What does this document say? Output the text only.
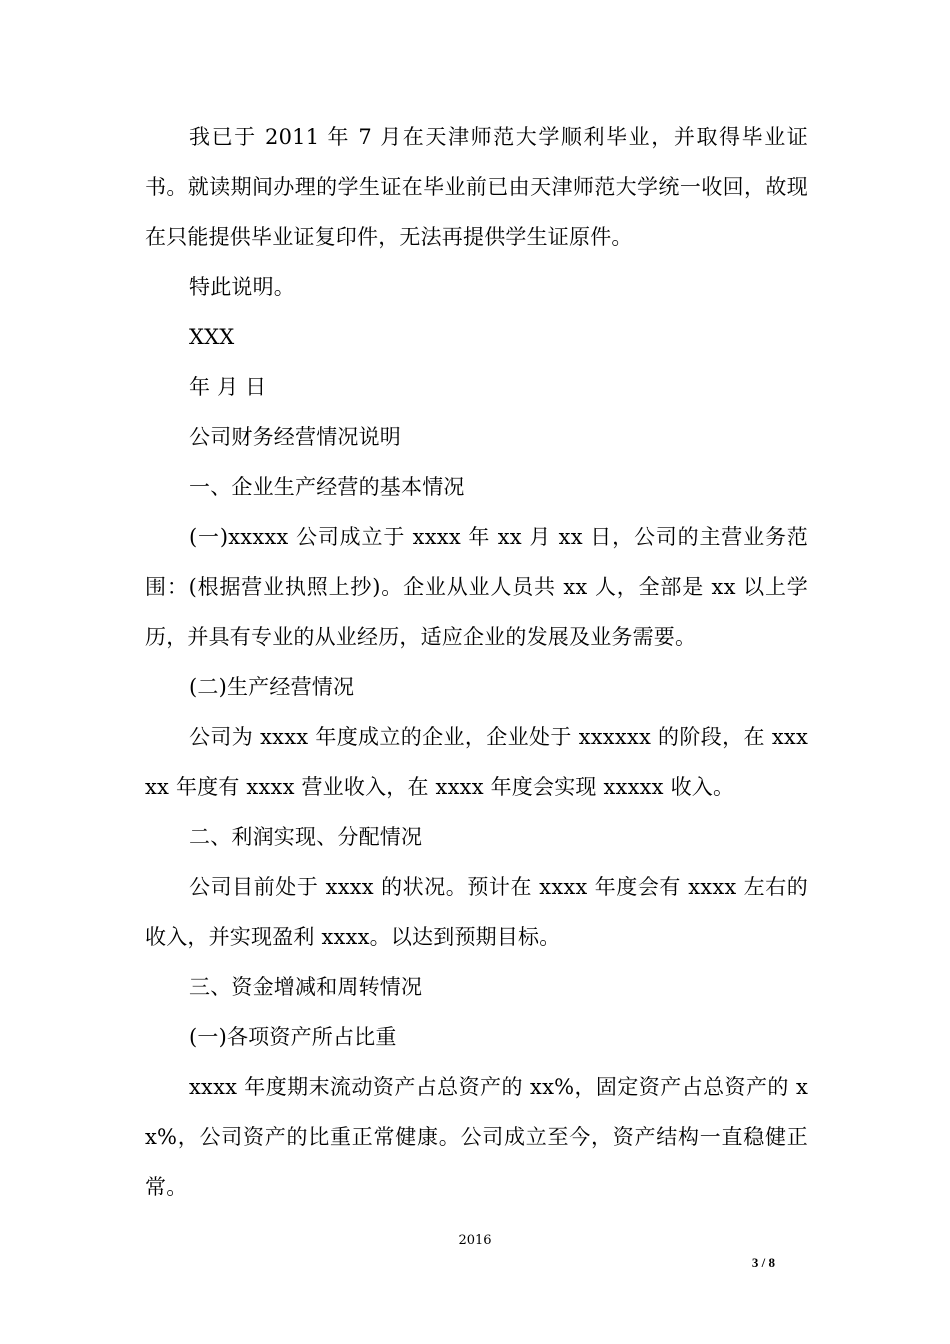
我已于 2011 年 7 月在天津师范大学顺利毕业，并取得毕业证书。就读期间办理的学生证在毕业前已由天津师范大学统一收回，故现在只能提供毕业证复印件，无法再提供学生证原件。

特此说明。

XXX

年 月 日

公司财务经营情况说明

一、企业生产经营的基本情况

(一)xxxxx 公司成立于 xxxx 年 xx 月 xx 日，公司的主营业务范围：(根据营业执照上抄)。企业从业人员共 xx 人，全部是 xx 以上学历，并具有专业的从业经历，适应企业的发展及业务需要。

(二)生产经营情况

公司为 xxxx 年度成立的企业，企业处于 xxxxxx 的阶段，在 xxxxx 年度有 xxxx 营业收入，在 xxxx 年度会实现 xxxxx 收入。

二、利润实现、分配情况

公司目前处于 xxxx 的状况。预计在 xxxx 年度会有 xxxx 左右的收入，并实现盈利 xxxx。以达到预期目标。

三、资金增减和周转情况

(一)各项资产所占比重

xxxx 年度期末流动资产占总资产的 xx%，固定资产占总资产的 xx%，公司资产的比重正常健康。公司成立至今，资产结构一直稳健正常。

2016
3 / 8
